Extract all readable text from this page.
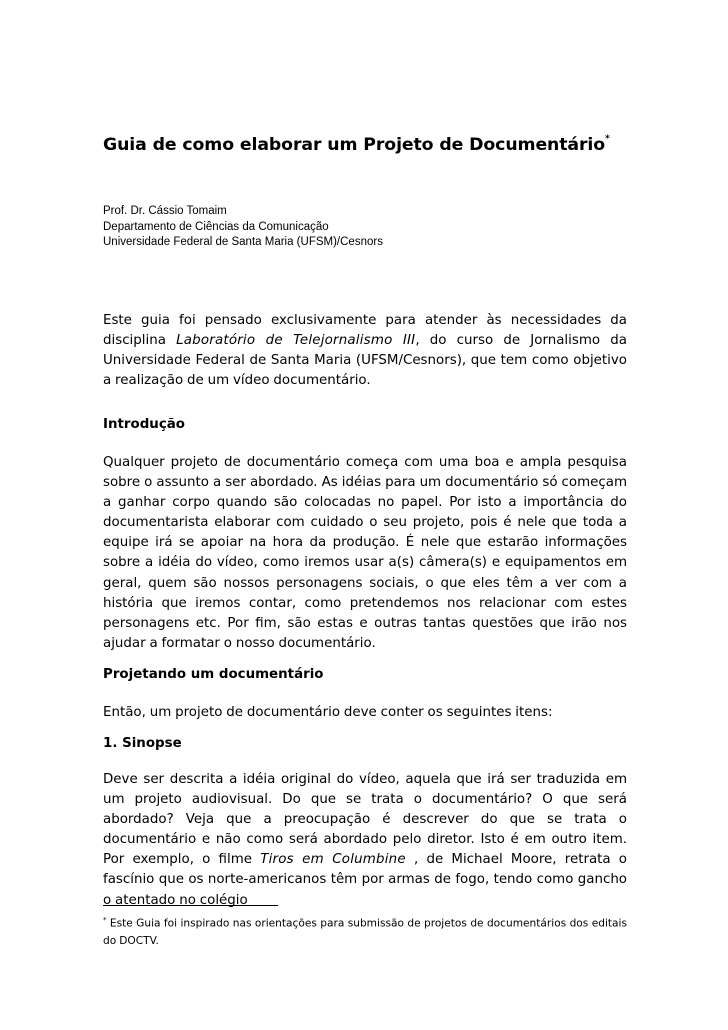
Guia de como elaborar um Projeto de Documentário*
Prof. Dr. Cássio Tomaim
Departamento de Ciências da Comunicação
Universidade Federal de Santa Maria (UFSM)/Cesnors

Este guia foi pensado exclusivamente para atender às necessidades da disciplina Laboratório de Telejornalismo III, do curso de Jornalismo da Universidade Federal de Santa Maria (UFSM/Cesnors), que tem como objetivo a realização de um vídeo documentário.

Introdução

Qualquer projeto de documentário começa com uma boa e ampla pesquisa sobre o assunto a ser abordado. As idéias para um documentário só começam a ganhar corpo quando são colocadas no papel. Por isto a importância do documentarista elaborar com cuidado o seu projeto, pois é nele que toda a equipe irá se apoiar na hora da produção. É nele que estarão informações sobre a idéia do vídeo, como iremos usar a(s) câmera(s) e equipamentos em geral, quem são nossos personagens sociais, o que eles têm a ver com a história que iremos contar, como pretendemos nos relacionar com estes personagens etc. Por fim, são estas e outras tantas questões que irão nos ajudar a formatar o nosso documentário.

Projetando um documentário

Então, um projeto de documentário deve conter os seguintes itens:

1. Sinopse

Deve ser descrita a idéia original do vídeo, aquela que irá ser traduzida em um projeto audiovisual. Do que se trata o documentário? O que será abordado? Veja que a preocupação é descrever do que se trata o documentário e não como será abordado pelo diretor. Isto é em outro item. Por exemplo, o filme Tiros em Columbine , de Michael Moore, retrata o fascínio que os norte-americanos têm por armas de fogo, tendo como gancho o atentado no colégio

* Este Guia foi inspirado nas orientações para submissão de projetos de documentários dos editais do DOCTV.
